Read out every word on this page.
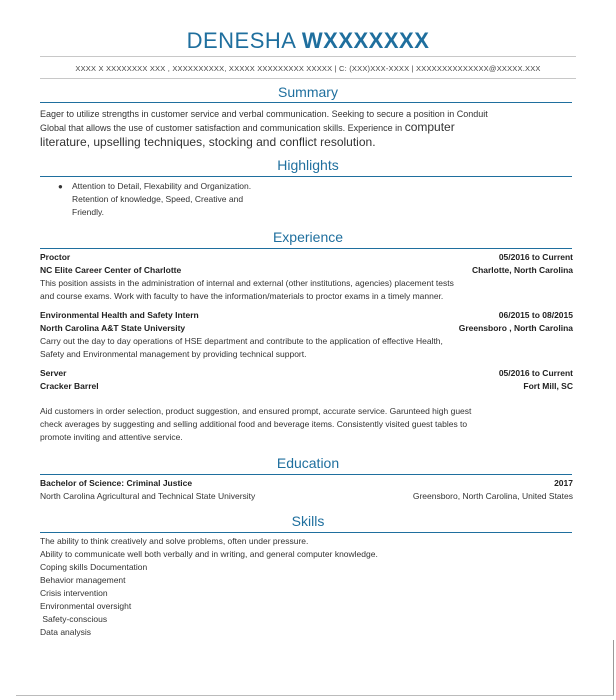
DENESHA WXXXXXXX
XXXX X XXXXXXXX XXX , XXXXXXXXXX, XXXXX XXXXXXXXX XXXXX | C: (XXX)XXX-XXXX | XXXXXXXXXXXXXX@XXXXX.XXX
Summary
Eager to utilize strengths in customer service and verbal communication. Seeking to secure a position in Conduit
Global that allows the use of customer satisfaction and communication skills. Experience in computer
literature, upselling techniques, stocking and conflict resolution.
Highlights
● Attention to Detail, Flexability and Organization.
Retention of knowledge, Speed, Creative and
Friendly.
Experience
Proctor	05/2016 to Current
NC Elite Career Center of Charlotte	Charlotte, North Carolina
This position assists in the administration of internal and external (other institutions, agencies) placement tests
and course exams. Work with faculty to have the information/materials to proctor exams in a timely manner.
Environmental Health and Safety Intern	06/2015 to 08/2015
North Carolina A&T State University	Greensboro , North Carolina
Carry out the day to day operations of HSE department and contribute to the application of effective Health,
Safety and Environmental management by providing technical support.
Server	05/2016 to Current
Cracker Barrel	Fort Mill, SC
Aid customers in order selection, product suggestion, and ensured prompt, accurate service. Garunteed high guest
check averages by suggesting and selling additional food and beverage items. Consistently visited guest tables to
promote inviting and attentive service.
Education
Bachelor of Science: Criminal Justice	2017
North Carolina Agricultural and Technical State University	Greensboro, North Carolina, United States
Skills
The ability to think creatively and solve problems, often under pressure.
Ability to communicate well both verbally and in writing, and general computer knowledge.
Coping skills Documentation
Behavior management
Crisis intervention
Environmental oversight
Safety-conscious
Data analysis
